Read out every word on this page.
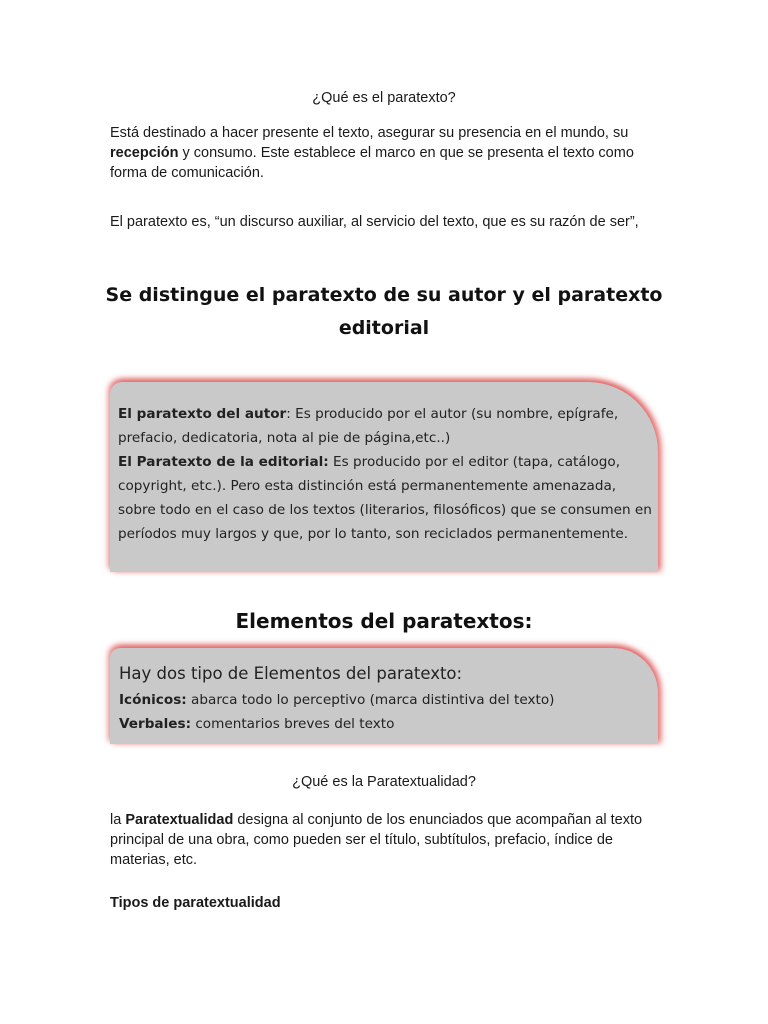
¿Qué es el paratexto?
Está destinado a hacer presente el texto, asegurar su presencia en el mundo, su recepción y consumo. Este establece el marco en que se presenta el texto como forma de comunicación.
El paratexto es, “un discurso auxiliar, al servicio del texto, que es su razón de ser”,
Se distingue el paratexto de su autor y el paratexto
editorial
El paratexto del autor: Es producido por el autor (su nombre, epígrafe, prefacio, dedicatoria, nota al pie de página,etc..)
El Paratexto de la editorial: Es producido por el editor (tapa, catálogo, copyright, etc.). Pero esta distinción está permanentemente amenazada, sobre todo en el caso de los textos (literarios, filosóficos) que se consumen en períodos muy largos y que, por lo tanto, son reciclados permanentemente.
Elementos del paratextos:
Hay dos tipo de Elementos del paratexto:
Icónicos: abarca todo lo perceptivo (marca distintiva del texto)
Verbales: comentarios breves del texto
¿Qué es la Paratextualidad?
la Paratextualidad designa al conjunto de los enunciados que acompañan al texto principal de una obra, como pueden ser el título, subtítulos, prefacio, índice de materias, etc.
Tipos de paratextualidad
